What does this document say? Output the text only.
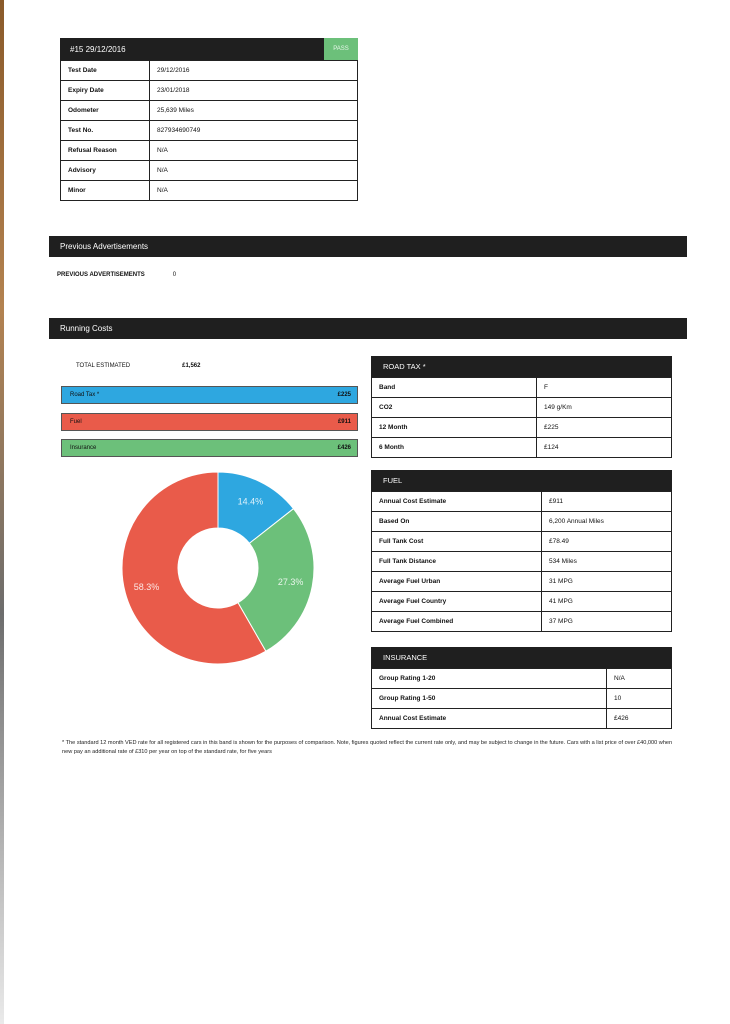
#15 29/12/2016	PASS
Test Date	29/12/2016
Expiry Date	23/01/2018
Odometer	25,639 Miles
Test No.	827934690749
Refusal Reason	N/A
Advisory	N/A
Minor	N/A
Previous Advertisements
PREVIOUS ADVERTISEMENTS	0
Running Costs
TOTAL ESTIMATED	£1,562
Road Tax *	£225
Fuel	£911
Insurance	£426
14.4%
27.3%
58.3%
ROAD TAX *
Band	F
CO2	149 g/Km
12 Month	£225
6 Month	£124
FUEL
Annual Cost Estimate	£911
Based On	6,200 Annual Miles
Full Tank Cost	£78.49
Full Tank Distance	534 Miles
Average Fuel Urban	31 MPG
Average Fuel Country	41 MPG
Average Fuel Combined	37 MPG
INSURANCE
Group Rating 1-20	N/A
Group Rating 1-50	10
Annual Cost Estimate	£426
* The standard 12 month VED rate for all registered cars in this band is shown for the purposes of comparison. Note, figures quoted reflect the current rate only, and may be subject to change in the future. Cars with a list price of over £40,000 when new pay an additional rate of £310 per year on top of the standard rate, for five years
